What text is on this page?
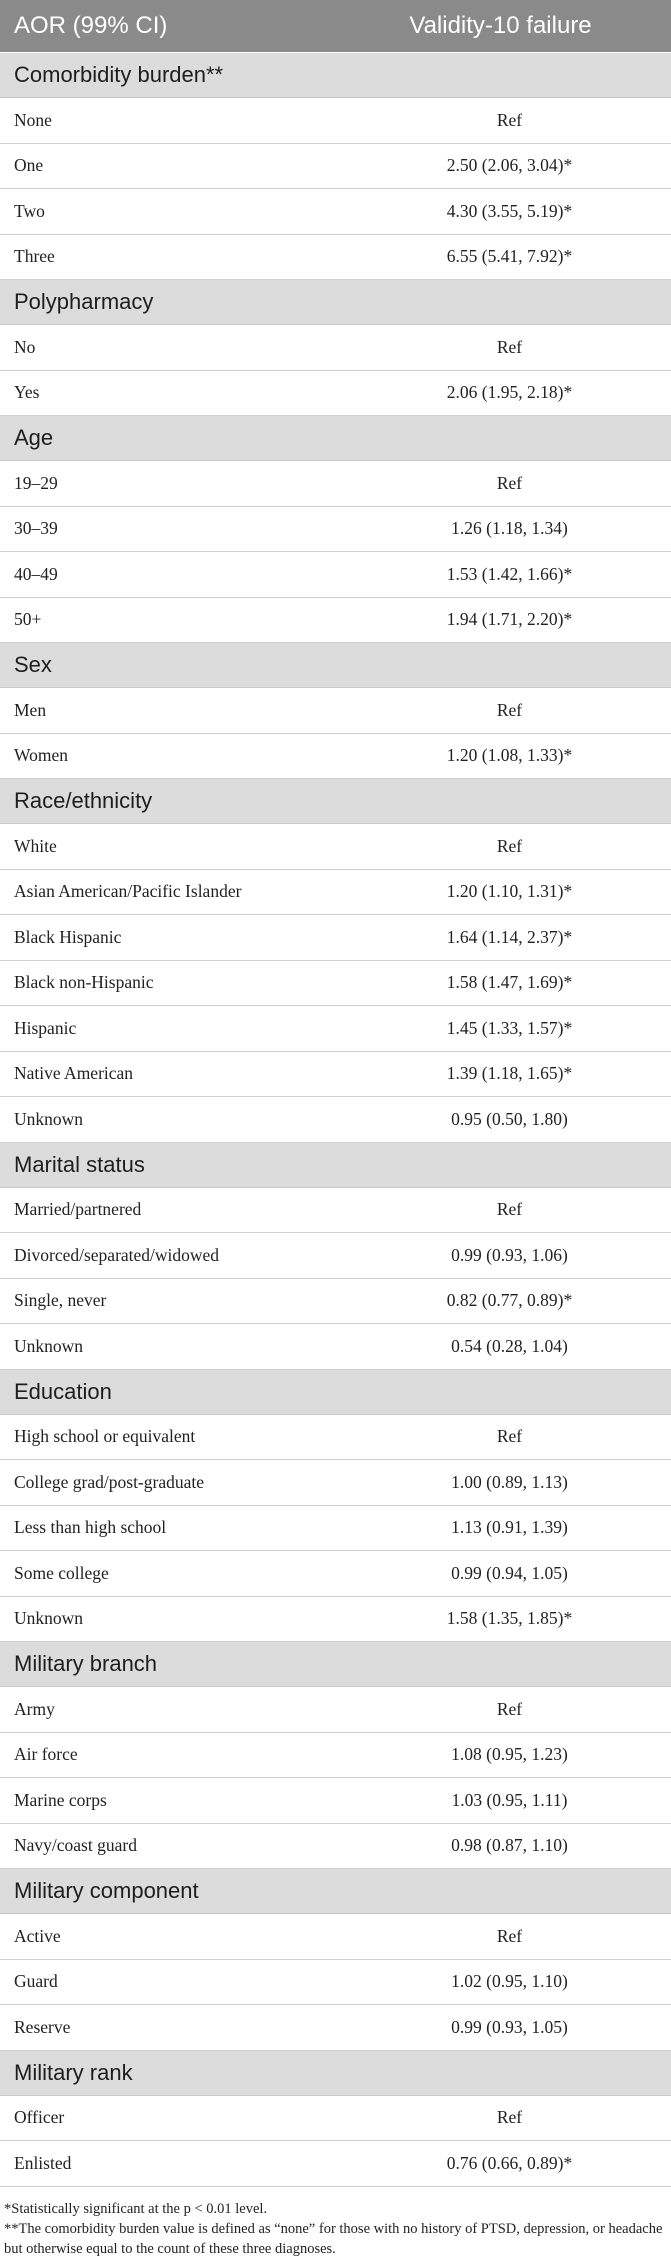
AOR (99% CI)	Validity-10 failure
Comorbidity burden**
None	Ref
One	2.50 (2.06, 3.04)*
Two	4.30 (3.55, 5.19)*
Three	6.55 (5.41, 7.92)*
Polypharmacy
No	Ref
Yes	2.06 (1.95, 2.18)*
Age
19–29	Ref
30–39	1.26 (1.18, 1.34)
40–49	1.53 (1.42, 1.66)*
50+	1.94 (1.71, 2.20)*
Sex
Men	Ref
Women	1.20 (1.08, 1.33)*
Race/ethnicity
White	Ref
Asian American/Pacific Islander	1.20 (1.10, 1.31)*
Black Hispanic	1.64 (1.14, 2.37)*
Black non-Hispanic	1.58 (1.47, 1.69)*
Hispanic	1.45 (1.33, 1.57)*
Native American	1.39 (1.18, 1.65)*
Unknown	0.95 (0.50, 1.80)
Marital status
Married/partnered	Ref
Divorced/separated/widowed	0.99 (0.93, 1.06)
Single, never	0.82 (0.77, 0.89)*
Unknown	0.54 (0.28, 1.04)
Education
High school or equivalent	Ref
College grad/post-graduate	1.00 (0.89, 1.13)
Less than high school	1.13 (0.91, 1.39)
Some college	0.99 (0.94, 1.05)
Unknown	1.58 (1.35, 1.85)*
Military branch
Army	Ref
Air force	1.08 (0.95, 1.23)
Marine corps	1.03 (0.95, 1.11)
Navy/coast guard	0.98 (0.87, 1.10)
Military component
Active	Ref
Guard	1.02 (0.95, 1.10)
Reserve	0.99 (0.93, 1.05)
Military rank
Officer	Ref
Enlisted	0.76 (0.66, 0.89)*
*Statistically significant at the p < 0.01 level.
**The comorbidity burden value is defined as “none” for those with no history of PTSD, depression, or headache but otherwise equal to the count of these three diagnoses.
